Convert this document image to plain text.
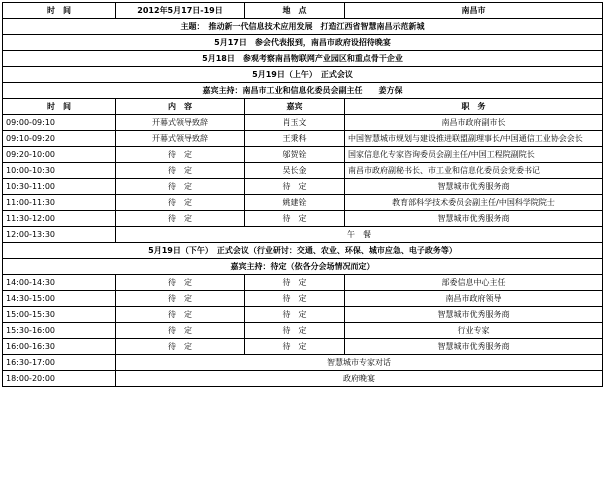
时　间	2012年5月17日-19日	地　点	南昌市
主题：　推动新一代信息技术应用发展　打造江西省智慧南昌示范新城			
5月17日　参会代表报到，南昌市政府设招待晚宴			
5月18日　参观考察南昌物联网产业园区和重点骨干企业			
5月19日（上午）　正式会议			
嘉宾主持：南昌市工业和信息化委员会副主任　　姜方保			
时　间	内　容	嘉宾	职　务
09:00-09:10	开幕式领导致辞	肖玉文	南昌市政府副市长
09:10-09:20	开幕式领导致辞	王秉科	中国智慧城市规划与建设推进联盟副理事长/中国通信工业协会会长
09:20-10:00	待　定	邬贺铨	国家信息化专家咨询委员会副主任/中国工程院副院长
10:00-10:30	待　定	吴长金	南昌市政府副秘书长、市工业和信息化委员会党委书记
10:30-11:00	待　定	待　定	智慧城市优秀服务商
11:00-11:30	待　定	姚建铨	教育部科学技术委员会副主任/中国科学院院士
11:30-12:00	待　定	待　定	智慧城市优秀服务商
12:00-13:30	午　餐		
5月19日（下午）　正式会议（行业研讨：交通、农业、环保、城市应急、电子政务等）			
嘉宾主持：待定（依各分会场情况而定）			
14:00-14:30	待　定	待　定	部委信息中心主任
14:30-15:00	待　定	待　定	南昌市政府领导
15:00-15:30	待　定	待　定	智慧城市优秀服务商
15:30-16:00	待　定	待　定	行业专家
16:00-16:30	待　定	待　定	智慧城市优秀服务商
16:30-17:00	智慧城市专家对话		
18:00-20:00	政府晚宴		
